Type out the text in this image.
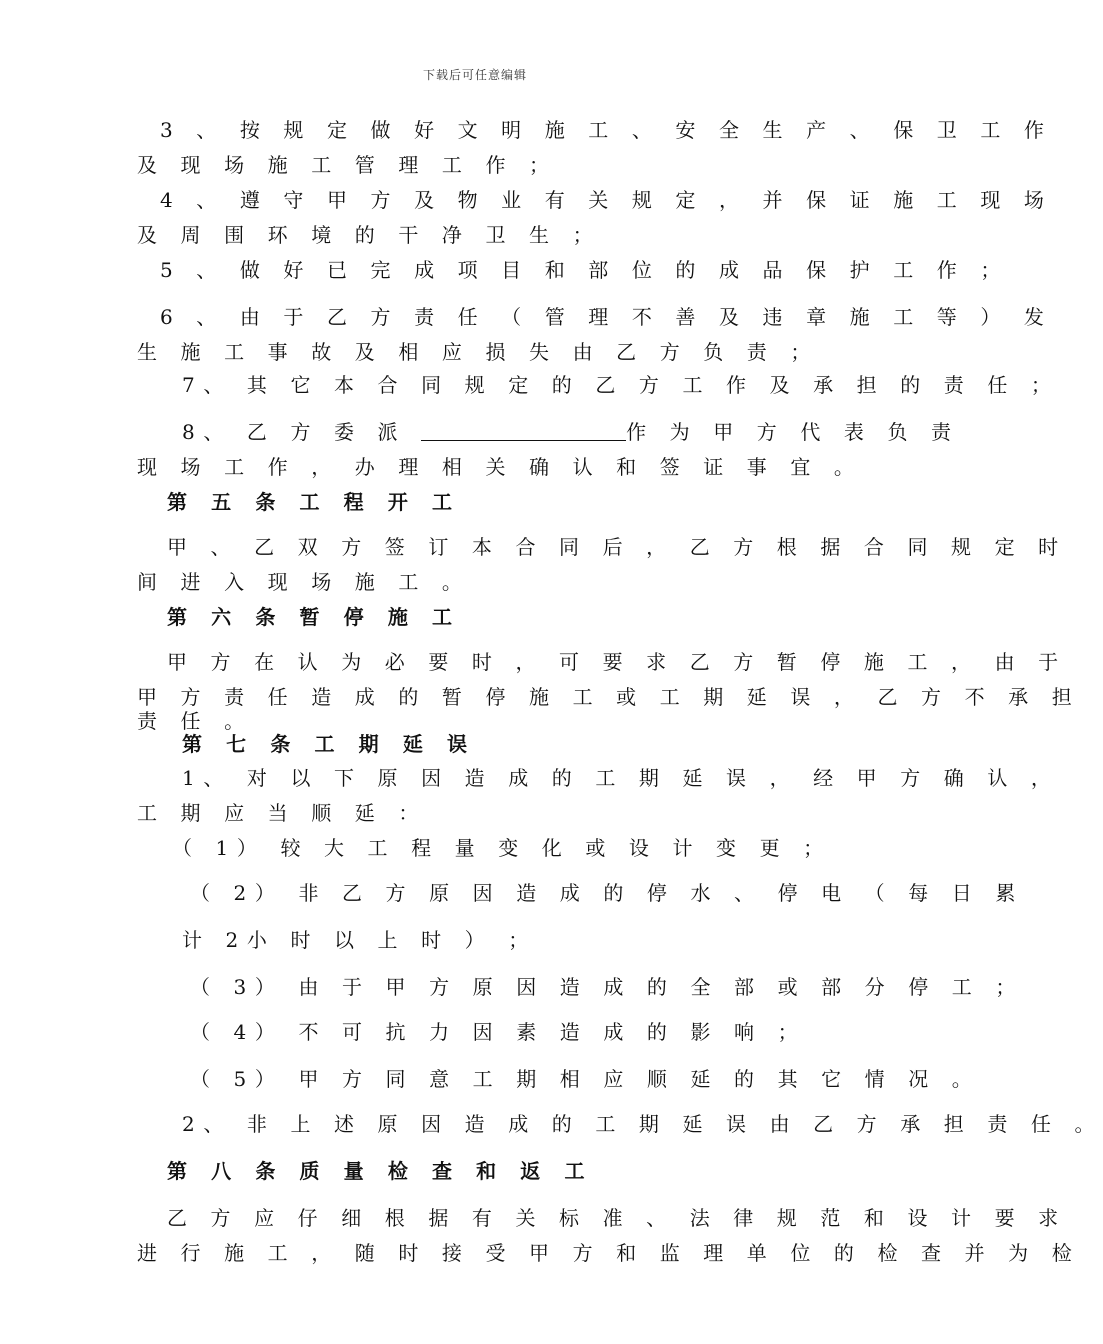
下载后可任意编辑
3 、 按 规 定 做 好 文 明 施 工 、 安 全 生 产 、 保 卫 工 作
及 现 场 施 工 管 理 工 作 ；
4 、 遵 守 甲 方 及 物 业 有 关 规 定 ， 并 保 证 施 工 现 场
及 周 围 环 境 的 干 净 卫 生 ；
5 、 做 好 已 完 成 项 目 和 部 位 的 成 品 保 护 工 作 ；
6 、 由 于 乙 方 责 任 （ 管 理 不 善 及 违 章 施 工 等 ） 发
生 施 工 事 故 及 相 应 损 失 由 乙 方 负 责 ；
7、 其 它 本 合 同 规 定 的 乙 方 工 作 及 承 担 的 责 任 ；
8、 乙 方 委 派	作 为 甲 方 代 表 负 责
现 场 工 作 ， 办 理 相 关 确 认 和 签 证 事 宜 。
第 五 条 工 程 开 工
甲 、 乙 双 方 签 订 本 合 同 后 ， 乙 方 根 据 合 同 规 定 时
间 进 入 现 场 施 工 。
第 六 条 暂 停 施 工
甲 方 在 认 为 必 要 时 ， 可 要 求 乙 方 暂 停 施 工 ， 由 于
甲 方 责 任 造 成 的 暂 停 施 工 或 工 期 延 误 ， 乙 方 不 承 担
责 任 。
第 七 条 工 期 延 误
1、 对 以 下 原 因 造 成 的 工 期 延 误 ， 经 甲 方 确 认 ，
工 期 应 当 顺 延 ：
（ 1） 较 大 工 程 量 变 化 或 设 计 变 更 ；
（ 2） 非 乙 方 原 因 造 成 的 停 水 、 停 电 （ 每 日 累
计 2小 时 以 上 时 ） ；
（ 3） 由 于 甲 方 原 因 造 成 的 全 部 或 部 分 停 工 ；
（ 4） 不 可 抗 力 因 素 造 成 的 影 响 ；
（ 5） 甲 方 同 意 工 期 相 应 顺 延 的 其 它 情 况 。
2、 非 上 述 原 因 造 成 的 工 期 延 误 由 乙 方 承 担 责 任 。
第 八 条 质 量 检 查 和 返 工
乙 方 应 仔 细 根 据 有 关 标 准 、 法 律 规 范 和 设 计 要 求
进 行 施 工 ， 随 时 接 受 甲 方 和 监 理 单 位 的 检 查 并 为 检
